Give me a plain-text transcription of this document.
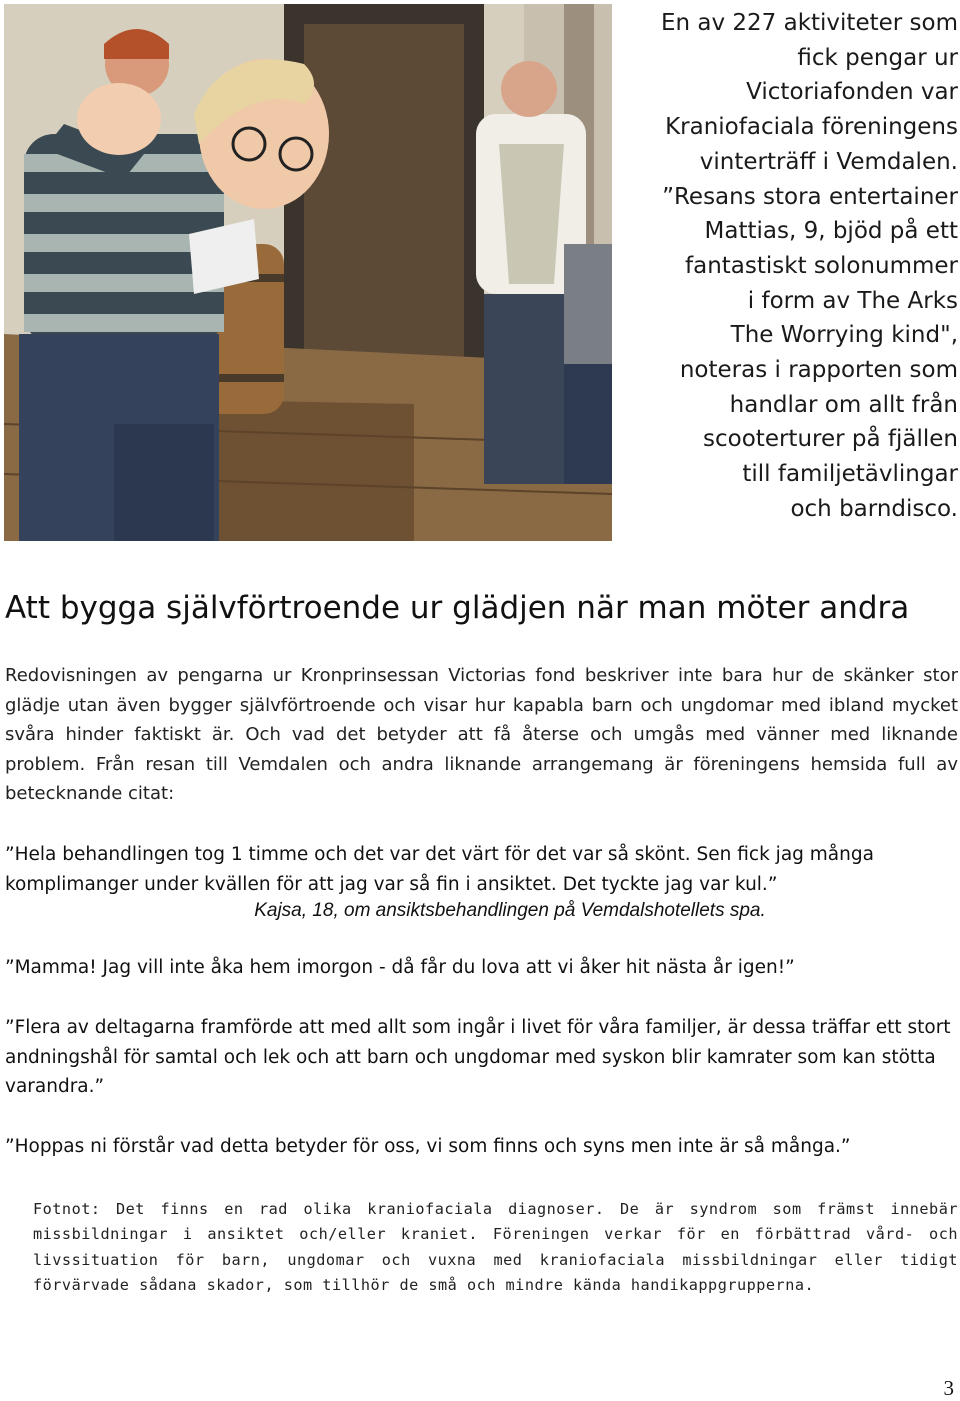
En av 227 aktiviteter som
fick pengar ur
Victoriafonden var
Kraniofaciala föreningens
vinterträff i Vemdalen.
”Resans stora entertainer
Mattias, 9, bjöd på ett
fantastiskt solonummer
i form av The Arks
The Worrying kind",
noteras i rapporten som
handlar om allt från
scooterturer på fjällen
till familjetävlingar
och barndisco.
Att bygga självförtroende ur glädjen när man möter andra

Redovisningen av pengarna ur Kronprinsessan Victorias fond beskriver inte bara hur de skänker stor glädje utan även bygger självförtroende och visar hur kapabla barn och ungdomar med ibland mycket svåra hinder faktiskt är. Och vad det betyder att få återse och umgås med vänner med liknande problem. Från resan till Vemdalen och andra liknande arrangemang är föreningens hemsida full av betecknande citat:

”Hela behandlingen tog 1 timme och det var det värt för det var så skönt. Sen fick jag många komplimanger under kvällen för att jag var så fin i ansiktet. Det tyckte jag var kul.”

Kajsa, 18, om ansiktsbehandlingen på Vemdalshotellets spa.

”Mamma! Jag vill inte åka hem imorgon - då får du lova att vi åker hit nästa år igen!”

”Flera av deltagarna framförde att med allt som ingår i livet för våra familjer, är dessa träffar ett stort andningshål för samtal och lek och att barn och ungdomar med syskon blir kamrater som kan stötta varandra.”

”Hoppas ni förstår vad detta betyder för oss, vi som finns och syns men inte är så många.”

Fotnot: Det finns en rad olika kraniofaciala diagnoser. De är syndrom som främst innebär missbildningar i ansiktet och/eller kraniet. Föreningen verkar för en förbättrad vård- och livssituation för barn, ungdomar och vuxna med kraniofaciala missbildningar eller tidigt förvärvade sådana skador, som tillhör de små och mindre kända handikappgrupperna.

3
